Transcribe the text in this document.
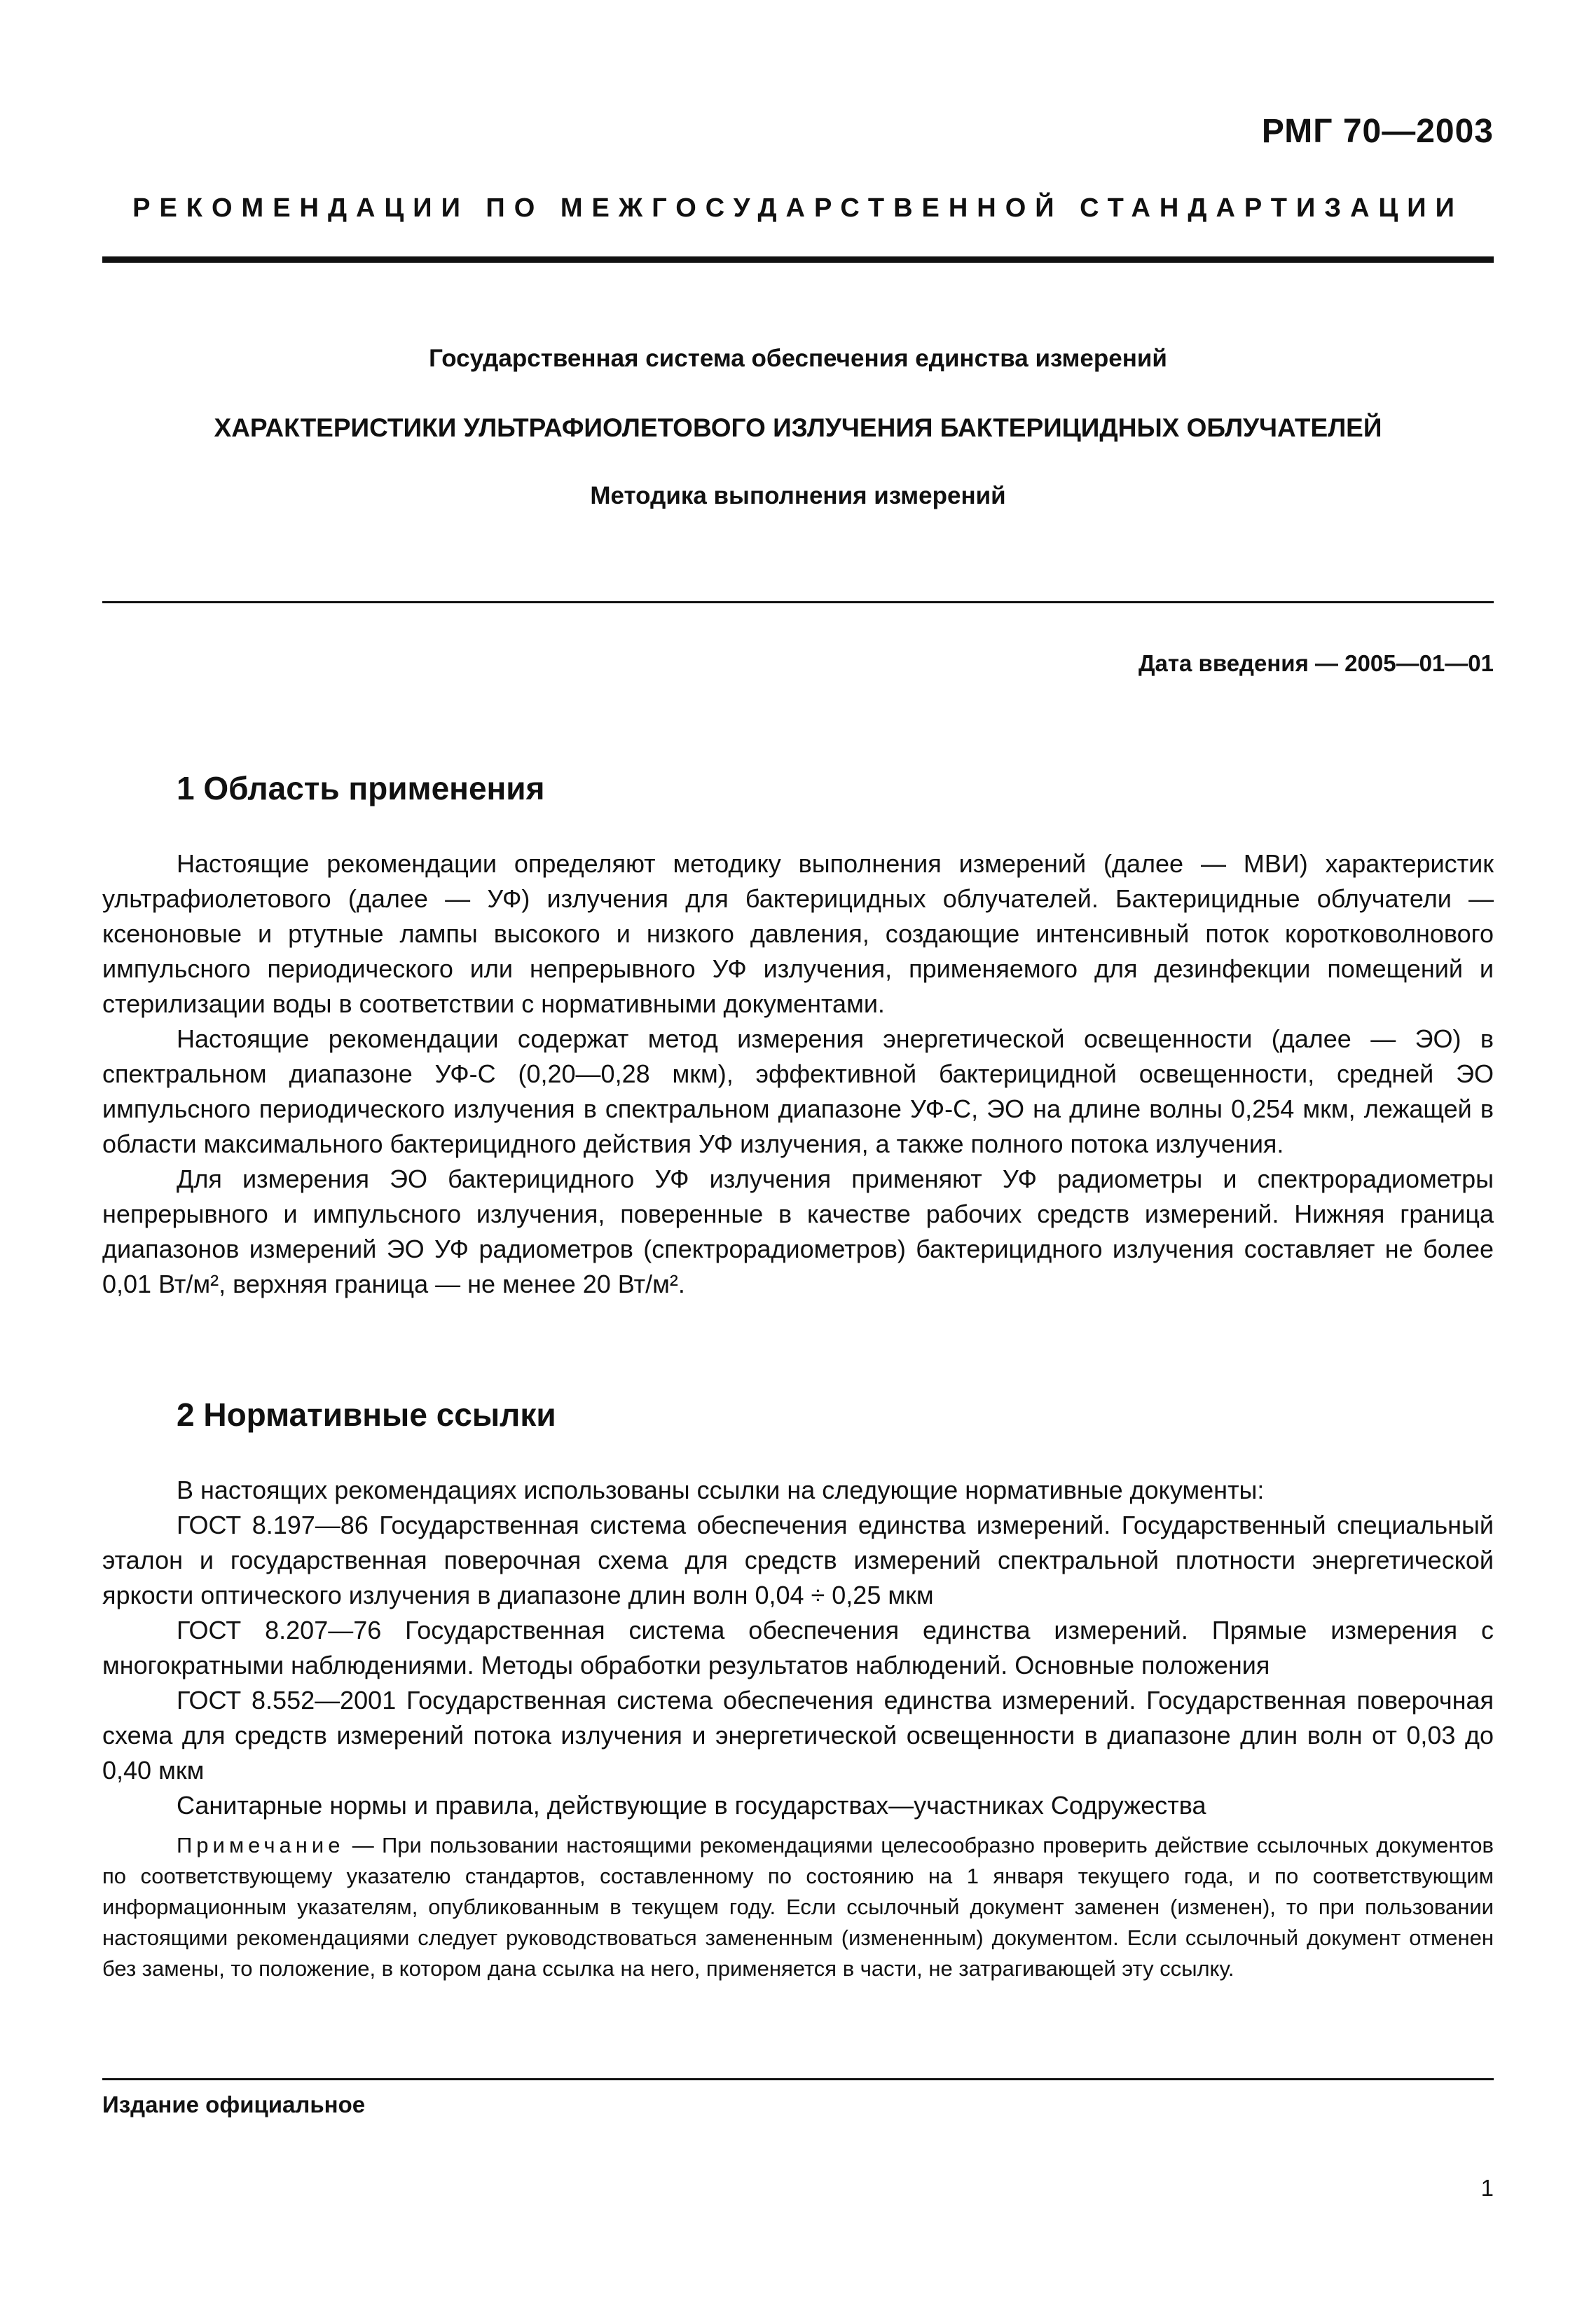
РМГ 70—2003
РЕКОМЕНДАЦИИ ПО МЕЖГОСУДАРСТВЕННОЙ СТАНДАРТИЗАЦИИ
Государственная система обеспечения единства измерений
ХАРАКТЕРИСТИКИ УЛЬТРАФИОЛЕТОВОГО ИЗЛУЧЕНИЯ БАКТЕРИЦИДНЫХ ОБЛУЧАТЕЛЕЙ
Методика выполнения измерений
Дата введения — 2005—01—01
1 Область применения

Настоящие рекомендации определяют методику выполнения измерений (далее — МВИ) характеристик ультрафиолетового (далее — УФ) излучения для бактерицидных облучателей. Бактерицидные облучатели — ксеноновые и ртутные лампы высокого и низкого давления, создающие интенсивный поток коротковолнового импульсного периодического или непрерывного УФ излучения, применяемого для дезинфекции помещений и стерилизации воды в соответствии с нормативными документами.

Настоящие рекомендации содержат метод измерения энергетической освещенности (далее — ЭО) в спектральном диапазоне УФ-С (0,20—0,28 мкм), эффективной бактерицидной освещенности, средней ЭО импульсного периодического излучения в спектральном диапазоне УФ-С, ЭО на длине волны 0,254 мкм, лежащей в области максимального бактерицидного действия УФ излучения, а также полного потока излучения.

Для измерения ЭО бактерицидного УФ излучения применяют УФ радиометры и спектрорадиометры непрерывного и импульсного излучения, поверенные в качестве рабочих средств измерений. Нижняя граница диапазонов измерений ЭО УФ радиометров (спектрорадиометров) бактерицидного излучения составляет не более 0,01 Вт/м², верхняя граница — не менее 20 Вт/м².

2 Нормативные ссылки

В настоящих рекомендациях использованы ссылки на следующие нормативные документы:

ГОСТ 8.197—86 Государственная система обеспечения единства измерений. Государственный специальный эталон и государственная поверочная схема для средств измерений спектральной плотности энергетической яркости оптического излучения в диапазоне длин волн 0,04 ÷ 0,25 мкм

ГОСТ 8.207—76 Государственная система обеспечения единства измерений. Прямые измерения с многократными наблюдениями. Методы обработки результатов наблюдений. Основные положения

ГОСТ 8.552—2001 Государственная система обеспечения единства измерений. Государственная поверочная схема для средств измерений потока излучения и энергетической освещенности в диапазоне длин волн от 0,03 до 0,40 мкм

Санитарные нормы и правила, действующие в государствах—участниках Содружества

Примечание — При пользовании настоящими рекомендациями целесообразно проверить действие ссылочных документов по соответствующему указателю стандартов, составленному по состоянию на 1 января текущего года, и по соответствующим информационным указателям, опубликованным в текущем году. Если ссылочный документ заменен (изменен), то при пользовании настоящими рекомендациями следует руководствоваться замененным (измененным) документом. Если ссылочный документ отменен без замены, то положение, в котором дана ссылка на него, применяется в части, не затрагивающей эту ссылку.

Издание официальное
1
